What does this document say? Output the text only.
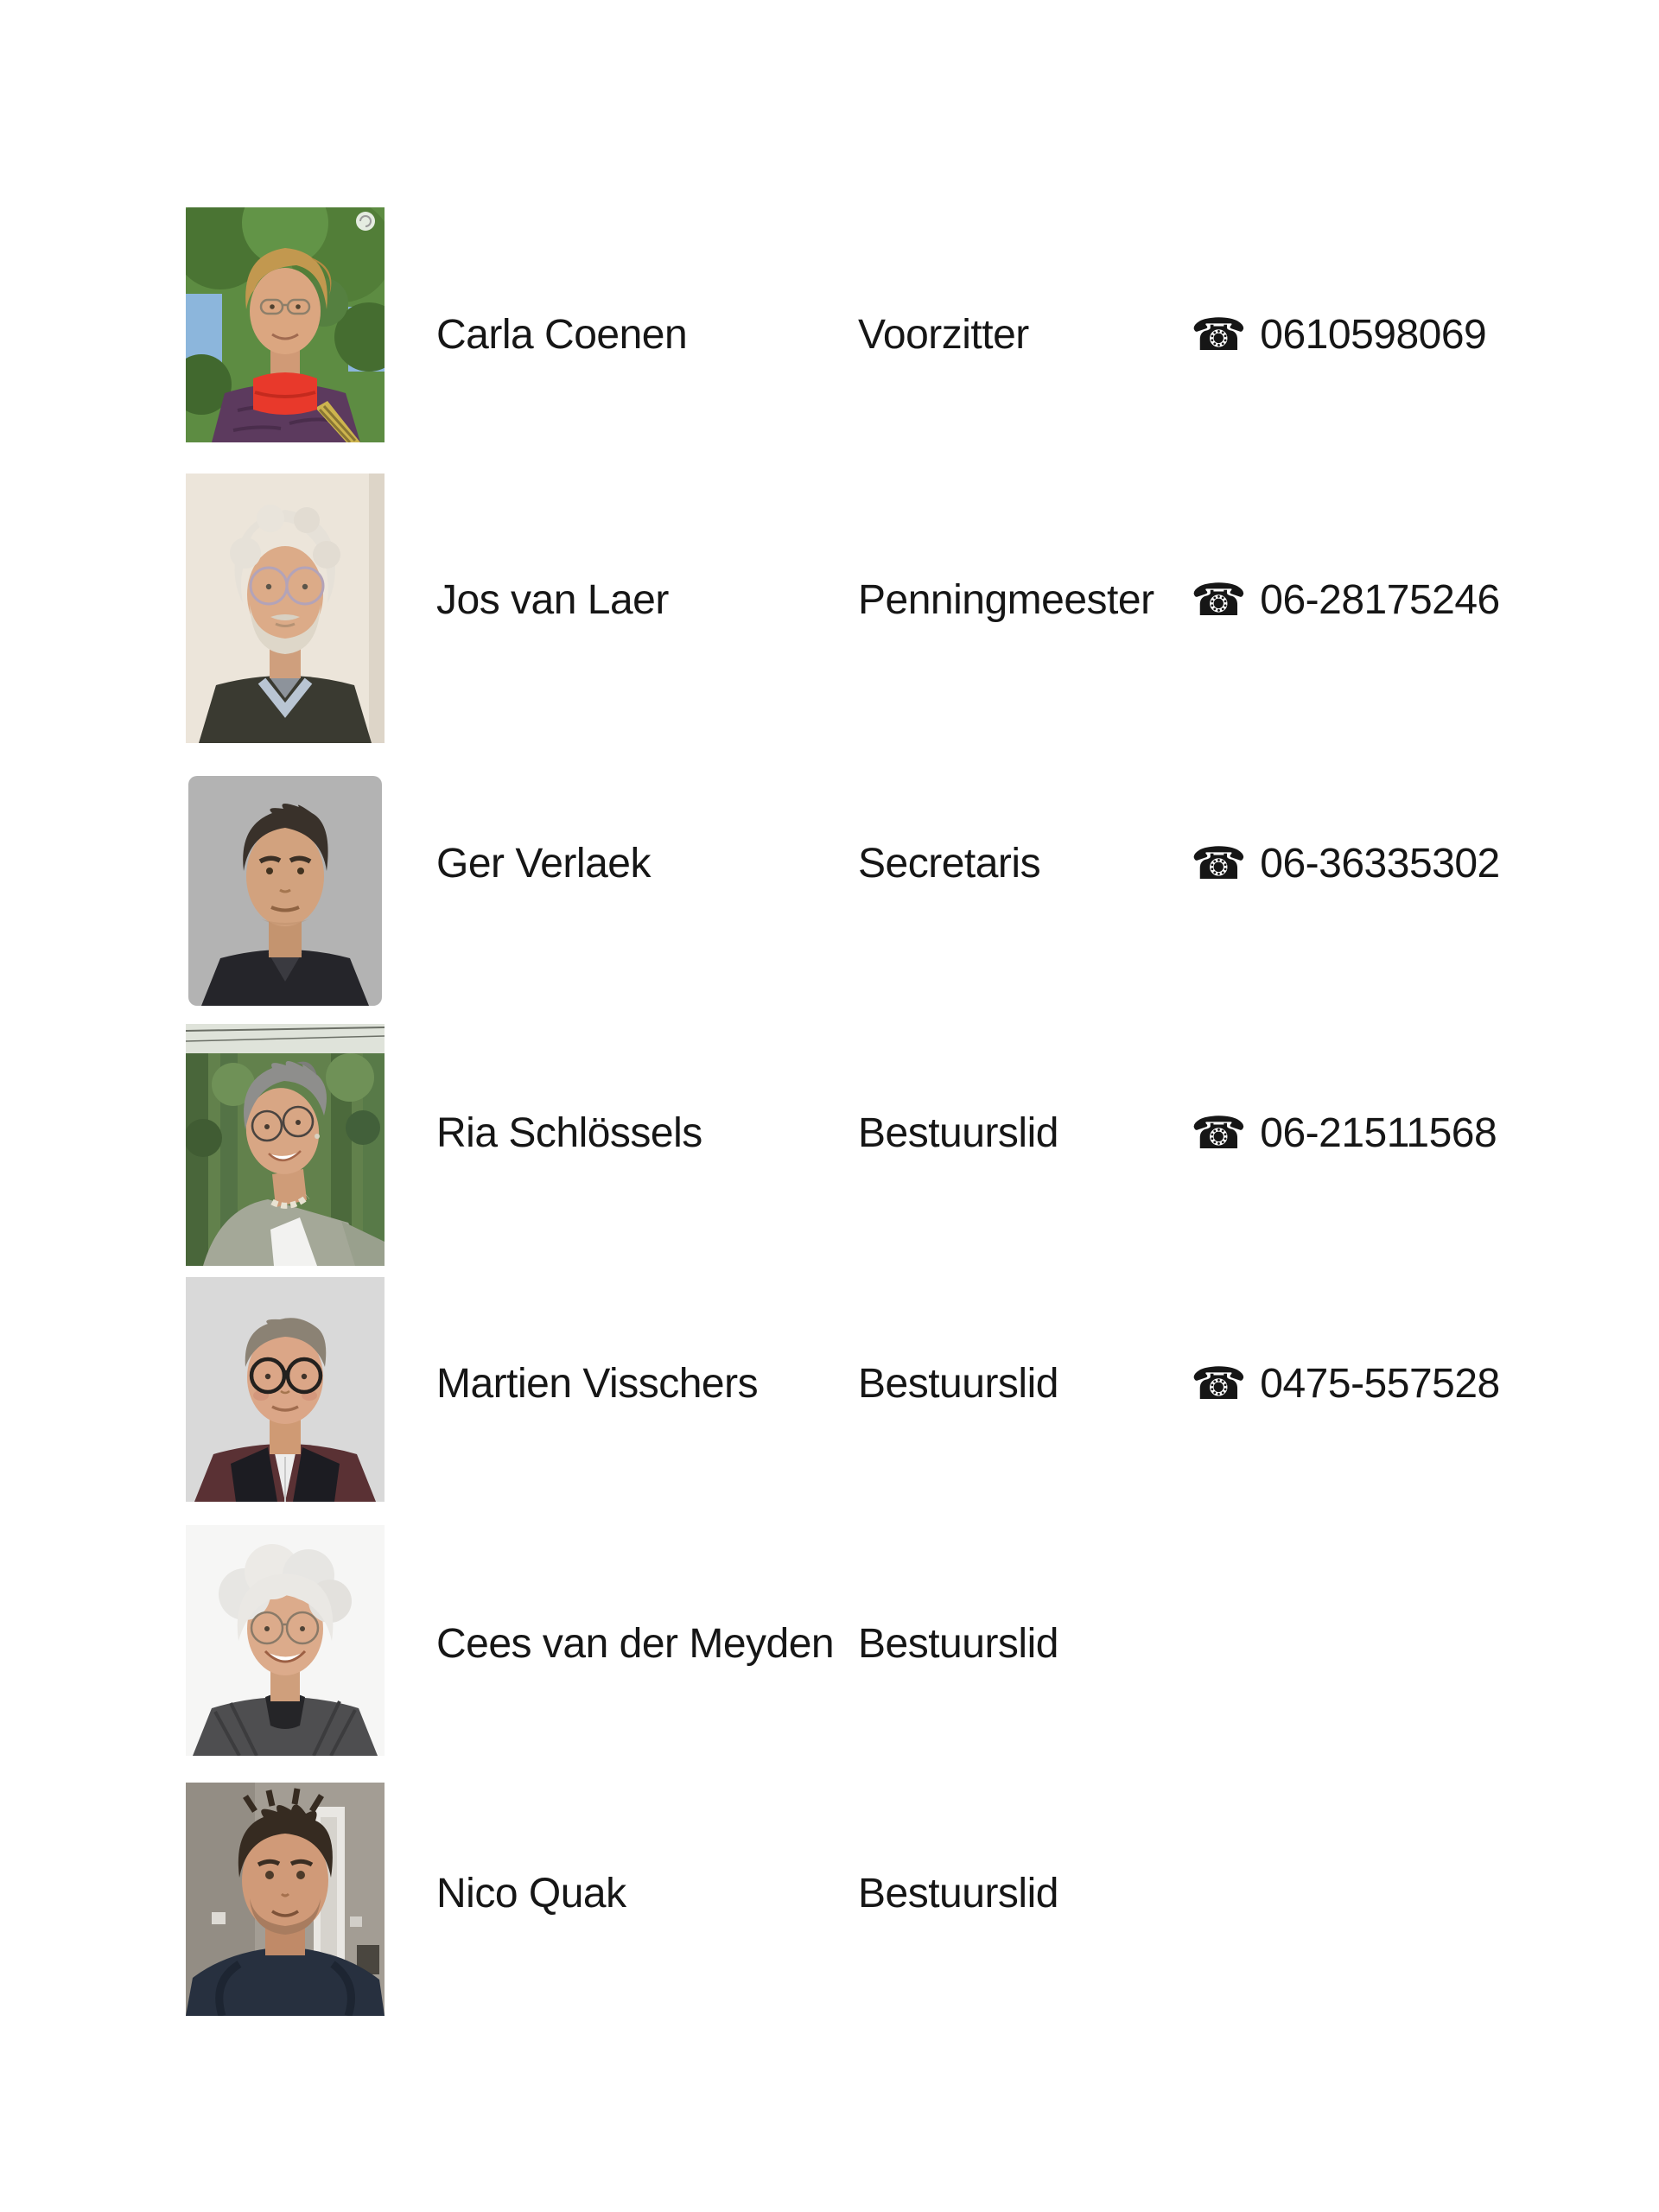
Carla Coenen	Voorzitter	☎ 0610598069
Jos van Laer	Penningmeester ☎ 06-28175246
Ger Verlaek	Secretaris	☎ 06-36335302
Ria Schlössels	Bestuurslid	☎ 06-21511568
Martien Visschers Bestuurslid	☎ 0475-557528
Cees van der Meyden Bestuurslid
Nico Quak	Bestuurslid
